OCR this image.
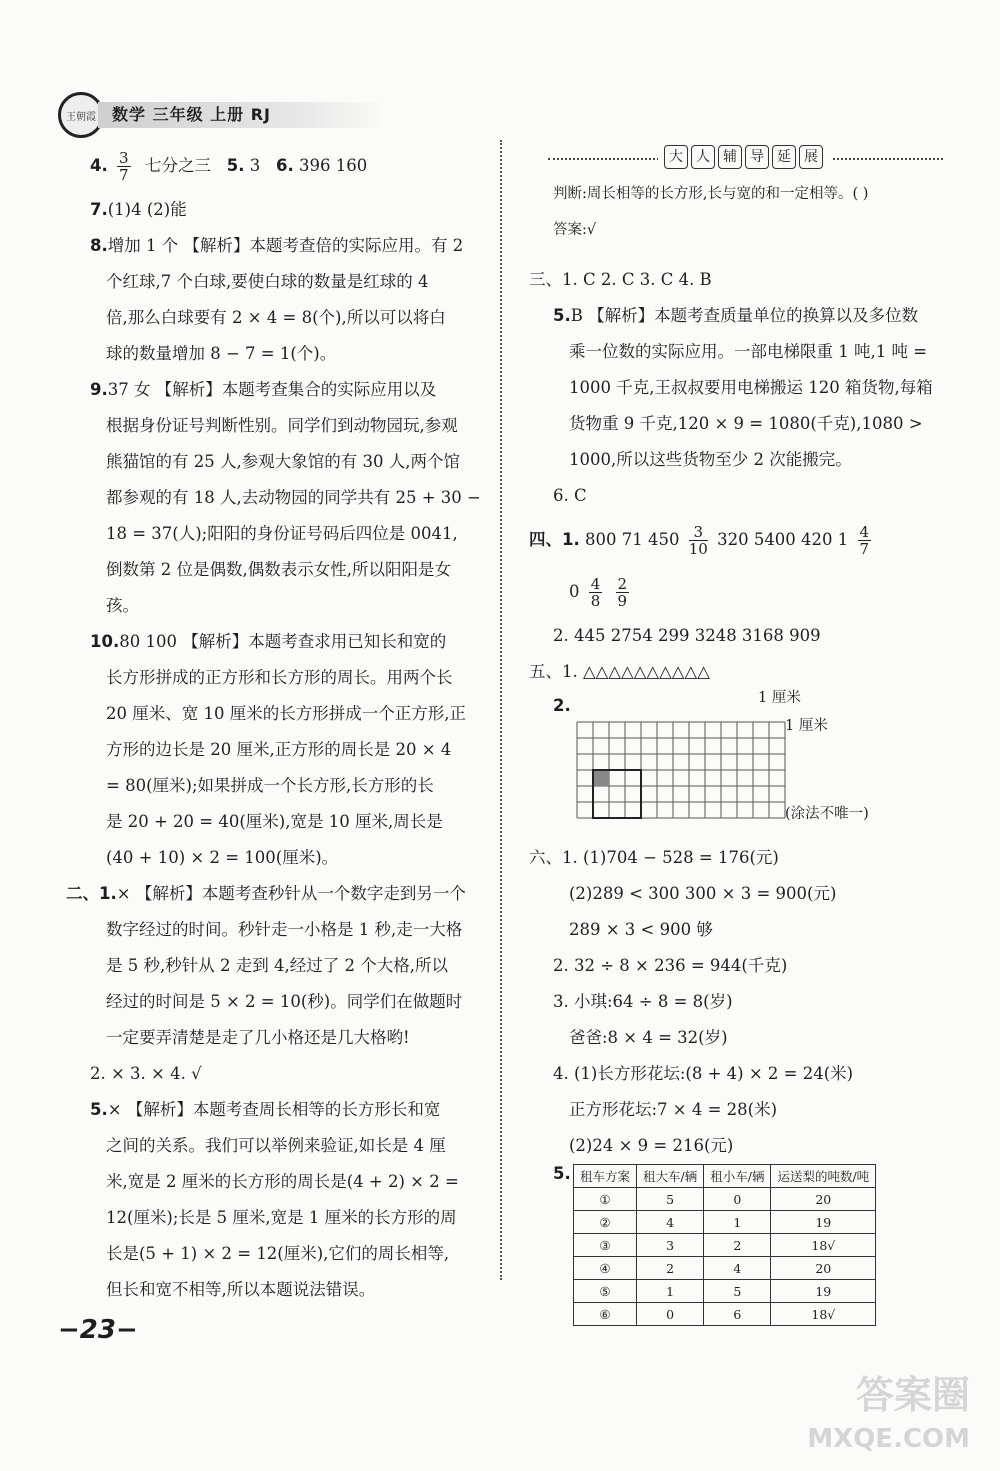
王朝霞	数学 三年级 上册 RJ
4. $\frac{3}{7}$ 七分之三 5. 3 6. 396 160
7.(1)4 (2)能
8.增加 1 个 【解析】本题考查倍的实际应用。有 2
个红球,7 个白球,要使白球的数量是红球的 4
倍,那么白球要有 2 × 4 = 8(个),所以可以将白
球的数量增加 8 − 7 = 1(个)。
9.37 女 【解析】本题考查集合的实际应用以及
根据身份证号判断性别。同学们到动物园玩,参观
熊猫馆的有 25 人,参观大象馆的有 30 人,两个馆
都参观的有 18 人,去动物园的同学共有 25 + 30 −
18 = 37(人);阳阳的身份证号码后四位是 0041,
倒数第 2 位是偶数,偶数表示女性,所以阳阳是女
孩。
10.80 100 【解析】本题考查求用已知长和宽的
长方形拼成的正方形和长方形的周长。用两个长
20 厘米、宽 10 厘米的长方形拼成一个正方形,正
方形的边长是 20 厘米,正方形的周长是 20 × 4
= 80(厘米);如果拼成一个长方形,长方形的长
是 20 + 20 = 40(厘米),宽是 10 厘米,周长是
(40 + 10) × 2 = 100(厘米)。
二、1.× 【解析】本题考查秒针从一个数字走到另一个
数字经过的时间。秒针走一小格是 1 秒,走一大格
是 5 秒,秒针从 2 走到 4,经过了 2 个大格,所以
经过的时间是 5 × 2 = 10(秒)。同学们在做题时
一定要弄清楚是走了几小格还是几大格哟!
2. × 3. × 4. √
5.× 【解析】本题考查周长相等的长方形长和宽
之间的关系。我们可以举例来验证,如长是 4 厘
米,宽是 2 厘米的长方形的周长是(4 + 2) × 2 =
12(厘米);长是 5 厘米,宽是 1 厘米的长方形的周
长是(5 + 1) × 2 = 12(厘米),它们的周长相等,
但长和宽不相等,所以本题说法错误。
大 人 辅 导 延 展
判断:周长相等的长方形,长与宽的和一定相等。( )
答案:√
三、1. C 2. C 3. C 4. B
5.B 【解析】本题考查质量单位的换算以及多位数
乘一位数的实际应用。一部电梯限重 1 吨,1 吨 =
1000 千克,王叔叔要用电梯搬运 120 箱货物,每箱
货物重 9 千克,120 × 9 = 1080(千克),1080 >
1000,所以这些货物至少 2 次能搬完。
6. C
四、1. 800 71 $450 \frac{3}{10} 320$ 5400 420 $1 \frac{4}{7}$
$0 \frac{4}{8}$
$\frac{2}{9}$
2. 445 2754 299 3248 3168 909
五、1. △△△△△△△△△△
2.	1 厘米
1 厘米
(涂法不唯一)
六、1. (1)704 − 528 = 176(元)
(2)289 < 300 300 × 3 = 900(元)
289 × 3 < 900 够
2. 32 ÷ 8 × 236 = 944(千克)
3. 小琪:64 ÷ 8 = 8(岁)
爸爸:8 × 4 = 32(岁)
4. (1)长方形花坛:(8 + 4) × 2 = 24(米)
正方形花坛:7 × 4 = 28(米)
(2)24 × 9 = 216(元)
5. 租车方案	租大车/辆	租小车/辆	运送梨的吨数/吨
①	5	0	20
②	4	1	19
③	3	2	18√
④	2	4	20
⑤	1	5	19
⑥	0	6	18√
−23−
答案圈
MXQE.COM
